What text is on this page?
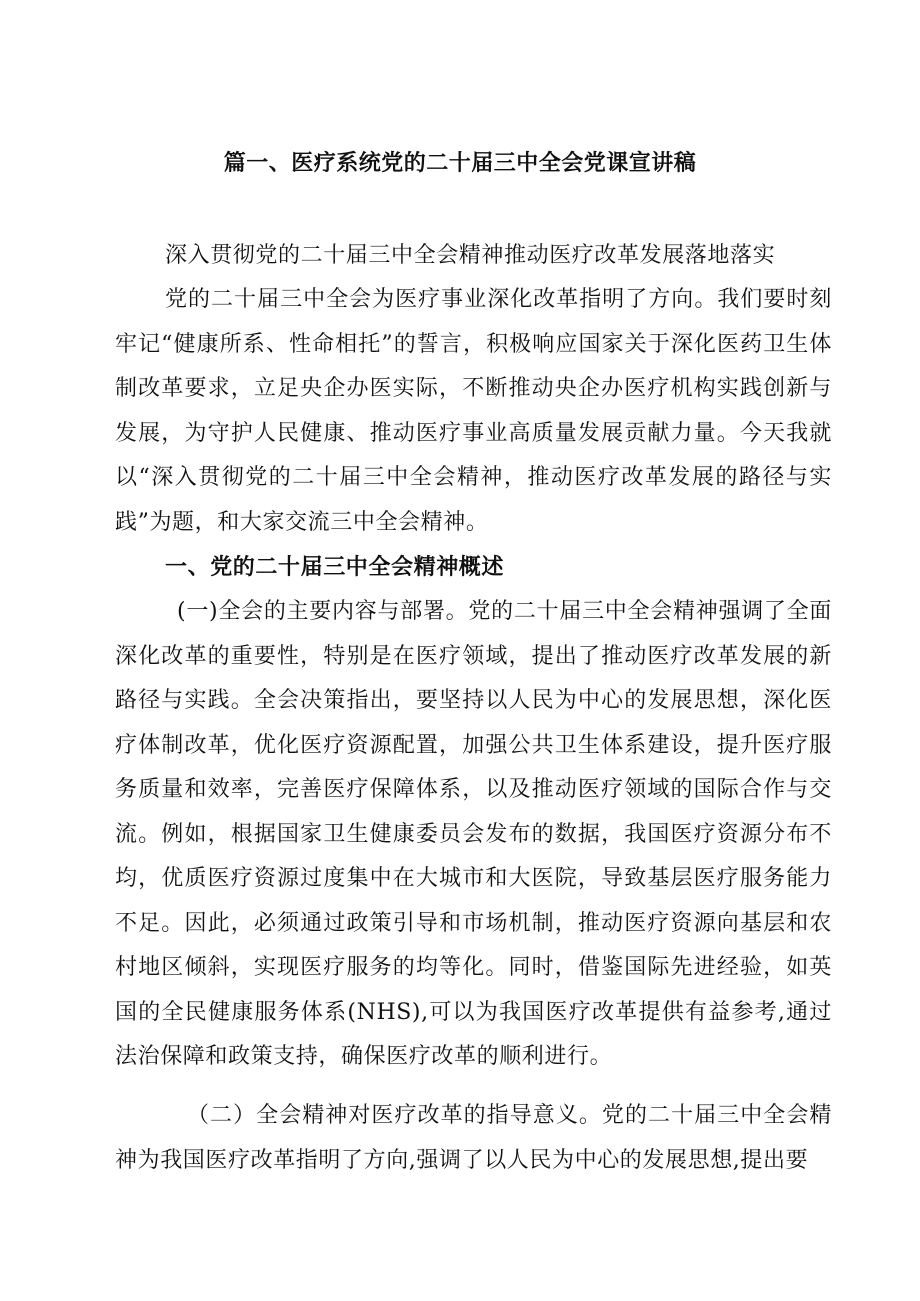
篇一、医疗系统党的二十届三中全会党课宣讲稿

深入贯彻党的二十届三中全会精神推动医疗改革发展落地落实

党的二十届三中全会为医疗事业深化改革指明了方向。我们要时刻牢记“健康所系、性命相托”的誓言，积极响应国家关于深化医药卫生体制改革要求，立足央企办医实际，不断推动央企办医疗机构实践创新与发展，为守护人民健康、推动医疗事业高质量发展贡献力量。今天我就以“深入贯彻党的二十届三中全会精神，推动医疗改革发展的路径与实践”为题，和大家交流三中全会精神。

一、党的二十届三中全会精神概述

(一)全会的主要内容与部署。党的二十届三中全会精神强调了全面深化改革的重要性，特别是在医疗领域，提出了推动医疗改革发展的新路径与实践。全会决策指出，要坚持以人民为中心的发展思想，深化医疗体制改革，优化医疗资源配置，加强公共卫生体系建设，提升医疗服务质量和效率，完善医疗保障体系，以及推动医疗领域的国际合作与交流。例如，根据国家卫生健康委员会发布的数据，我国医疗资源分布不均，优质医疗资源过度集中在大城市和大医院，导致基层医疗服务能力不足。因此，必须通过政策引导和市场机制，推动医疗资源向基层和农村地区倾斜，实现医疗服务的均等化。同时，借鉴国际先进经验，如英国的全民健康服务体系(NHS),可以为我国医疗改革提供有益参考,通过法治保障和政策支持，确保医疗改革的顺利进行。

（二）全会精神对医疗改革的指导意义。党的二十届三中全会精神为我国医疗改革指明了方向,强调了以人民为中心的发展思想,提出要
